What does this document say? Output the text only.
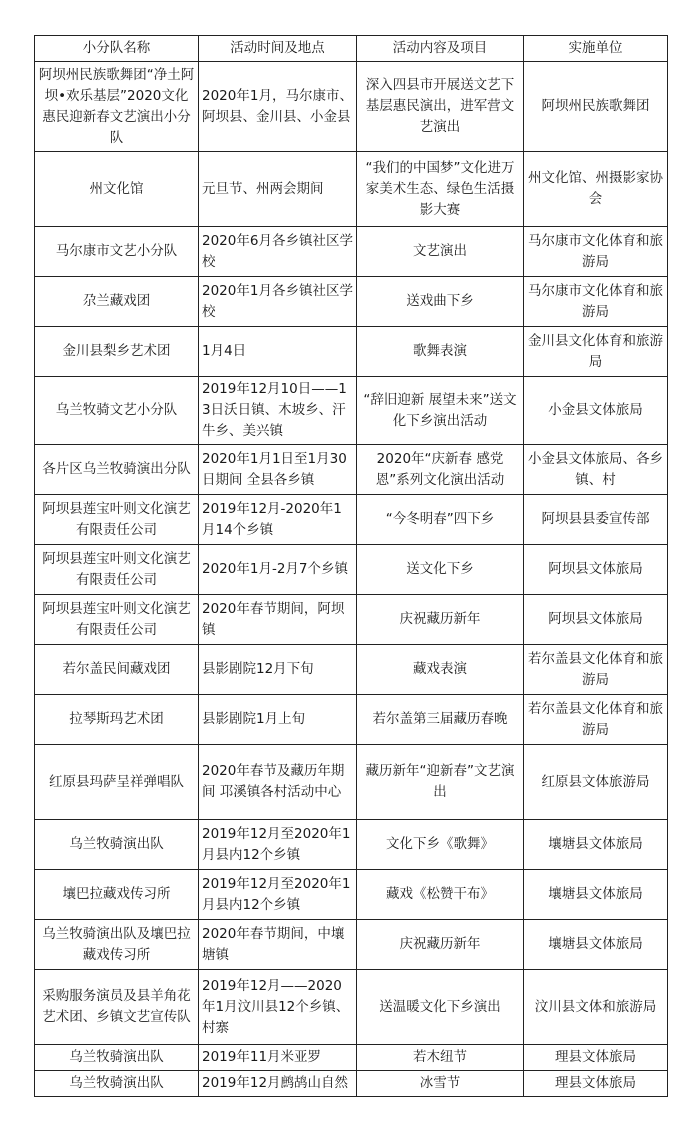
小分队名称	活动时间及地点	活动内容及项目	实施单位
阿坝州民族歌舞团“净土阿坝•欢乐基层”2020文化惠民迎新春文艺演出小分队	2020年1月，马尔康市、阿坝县、金川县、小金县	深入四县市开展送文艺下基层惠民演出，进军营文艺演出	阿坝州民族歌舞团
州文化馆	元旦节、州两会期间	“我们的中国梦”文化进万家美术生态、绿色生活摄影大赛	州文化馆、州摄影家协会
马尔康市文艺小分队	2020年6月各乡镇社区学校	文艺演出	马尔康市文化体育和旅游局
尕兰藏戏团	2020年1月各乡镇社区学校	送戏曲下乡	马尔康市文化体育和旅游局
金川县梨乡艺术团	1月4日	歌舞表演	金川县文化体育和旅游局
乌兰牧骑文艺小分队	2019年12月10日——13日沃日镇、木坡乡、汗牛乡、美兴镇	“辞旧迎新 展望未来”送文化下乡演出活动	小金县文体旅局
各片区乌兰牧骑演出分队	2020年1月1日至1月30日期间 全县各乡镇	2020年“庆新春 感党恩”系列文化演出活动	小金县文体旅局、各乡镇、村
阿坝县莲宝叶则文化演艺有限责任公司	2019年12月-2020年1月14个乡镇	“今冬明春”四下乡	阿坝县县委宣传部
阿坝县莲宝叶则文化演艺有限责任公司	2020年1月-2月7个乡镇	送文化下乡	阿坝县文体旅局
阿坝县莲宝叶则文化演艺有限责任公司	2020年春节期间，阿坝镇	庆祝藏历新年	阿坝县文体旅局
若尔盖民间藏戏团	县影剧院12月下旬	藏戏表演	若尔盖县文化体育和旅游局
拉琴斯玛艺术团	县影剧院1月上旬	若尔盖第三届藏历春晚	若尔盖县文化体育和旅游局
红原县玛萨呈祥弹唱队	2020年春节及藏历年期间 邛溪镇各村活动中心	藏历新年“迎新春”文艺演出	红原县文体旅游局
乌兰牧骑演出队	2019年12月至2020年1月县内12个乡镇	文化下乡《歌舞》	壤塘县文体旅局
壤巴拉藏戏传习所	2019年12月至2020年1月县内12个乡镇	藏戏《松赞干布》	壤塘县文体旅局
乌兰牧骑演出队及壤巴拉藏戏传习所	2020年春节期间，中壤塘镇	庆祝藏历新年	壤塘县文体旅局
采购服务演员及县羊角花艺术团、乡镇文艺宣传队	2019年12月——2020年1月汶川县12个乡镇、村寨	送温暖文化下乡演出	汶川县文体和旅游局
乌兰牧骑演出队	2019年11月米亚罗	若木纽节	理县文体旅局
乌兰牧骑演出队	2019年12月鹧鸪山自然	冰雪节	理县文体旅局
